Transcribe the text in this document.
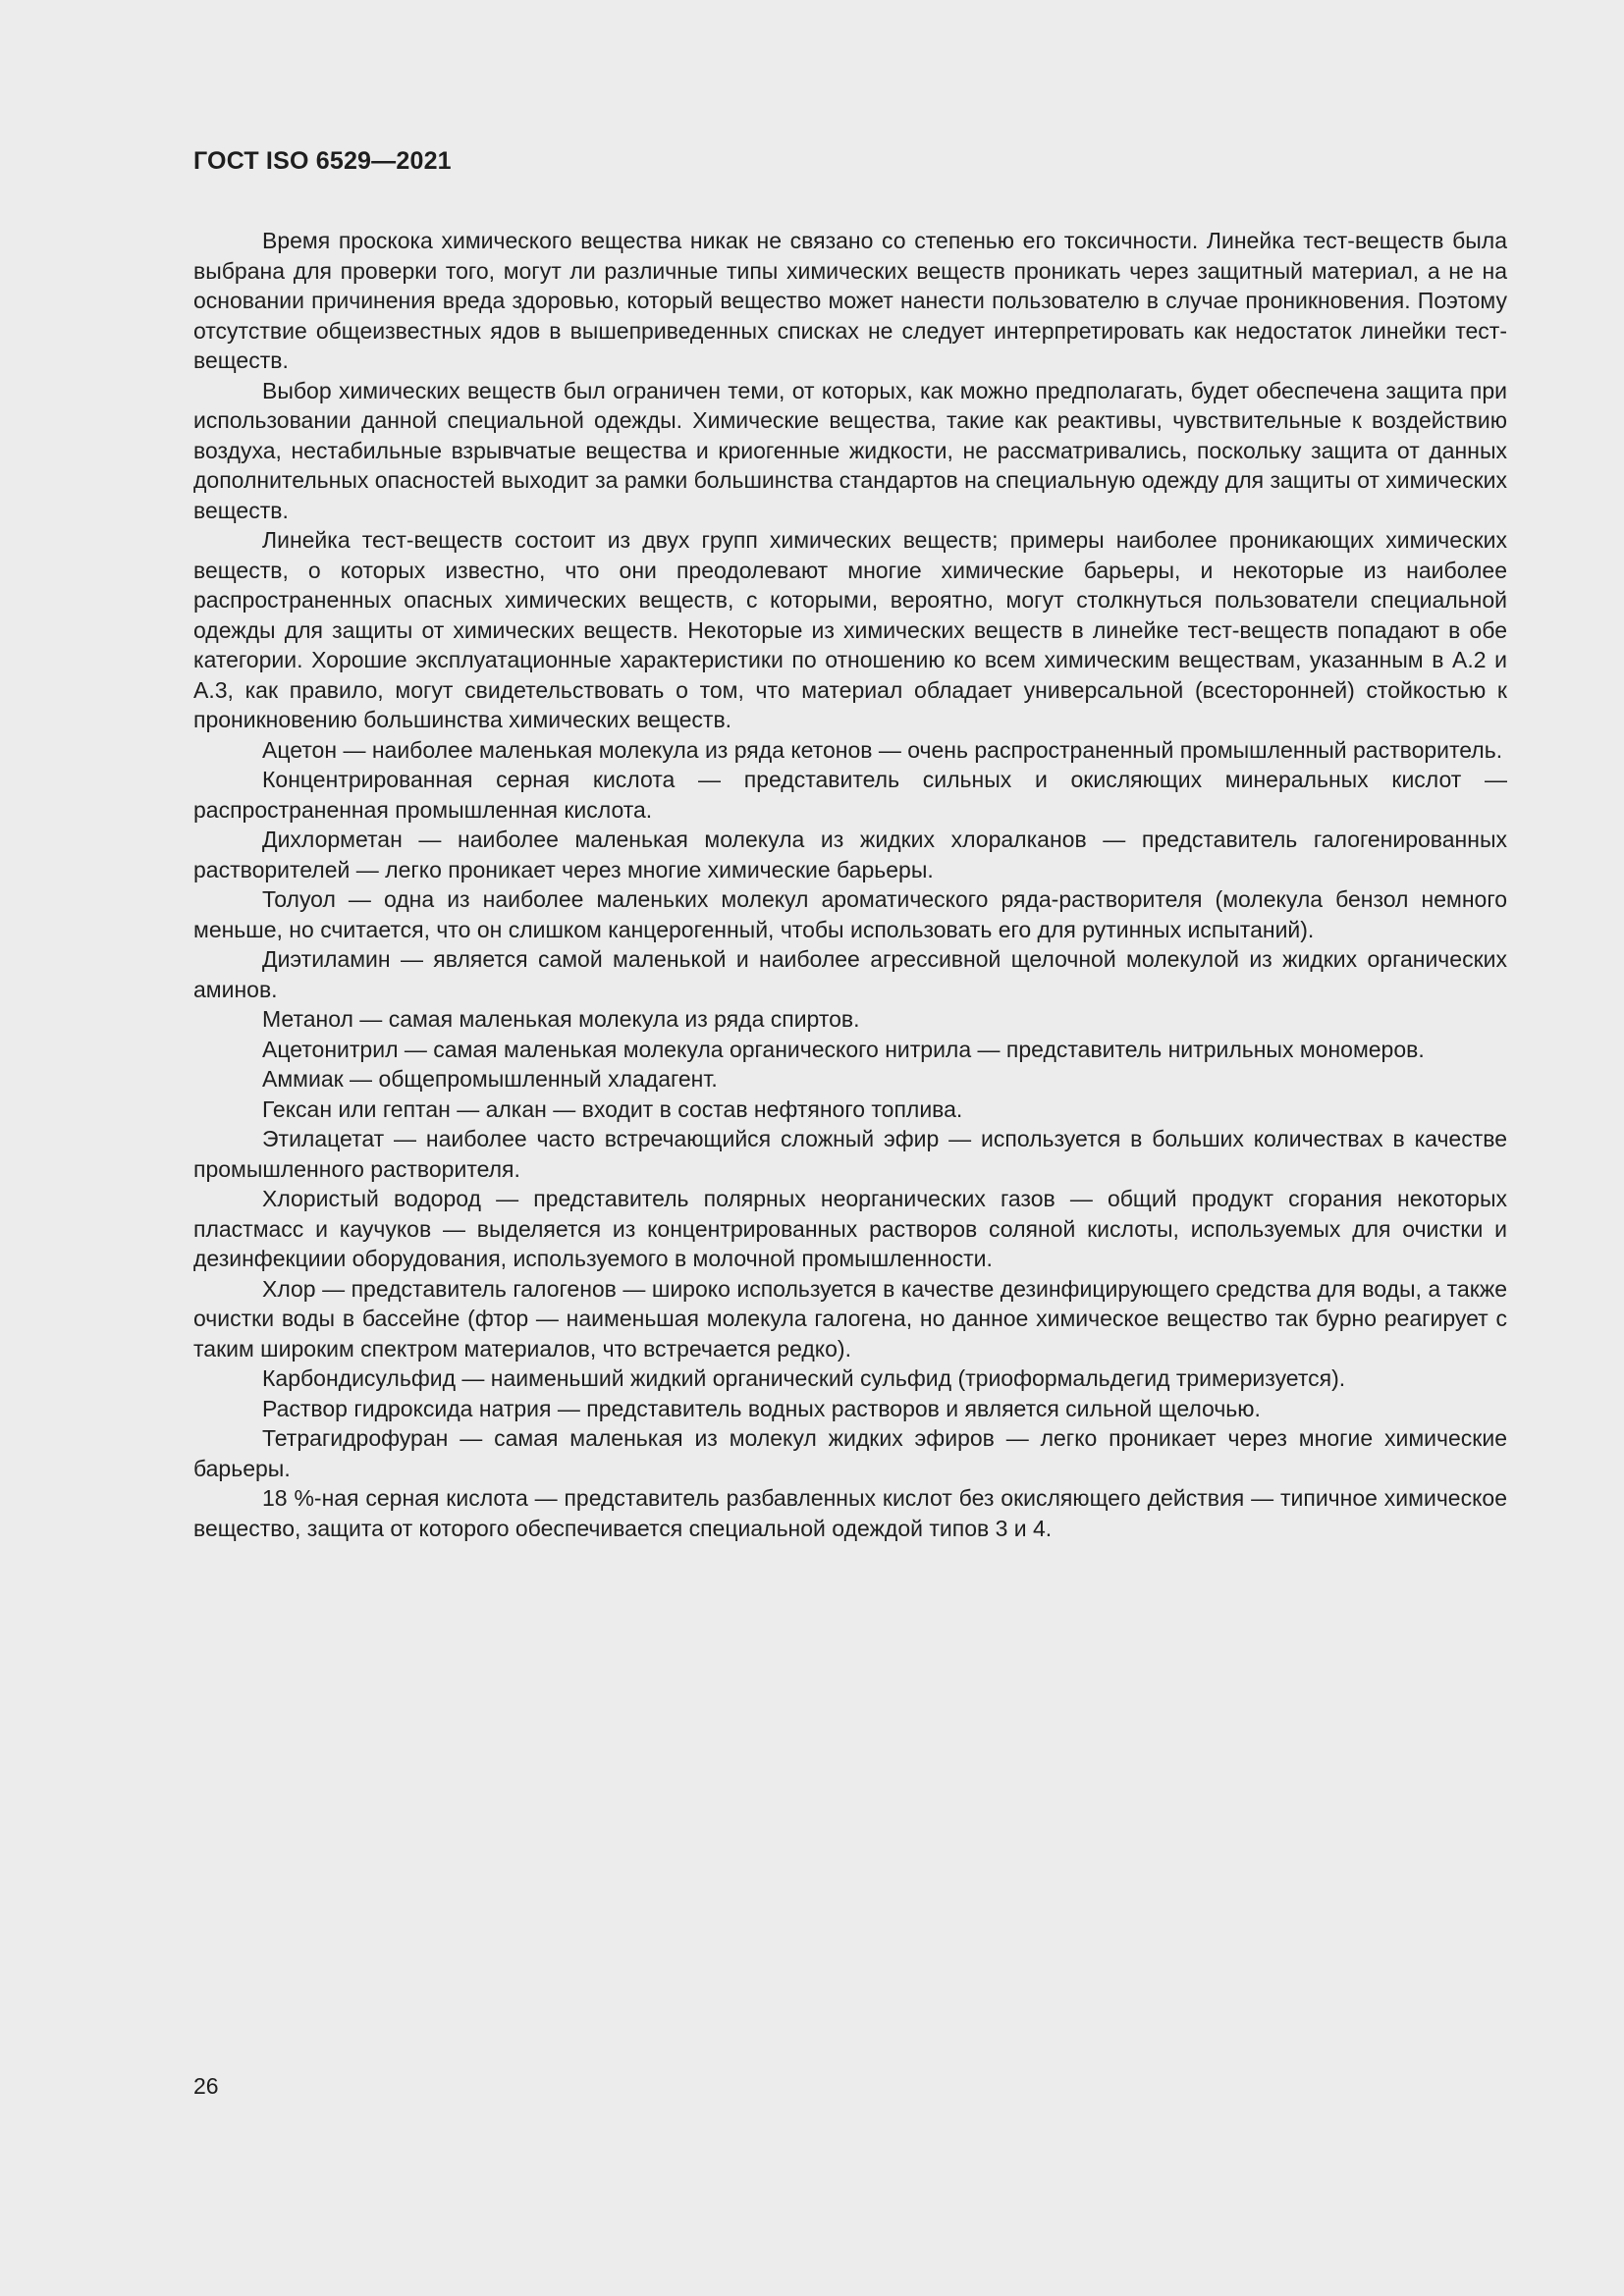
ГОСТ ISO 6529—2021

Время проскока химического вещества никак не связано со степенью его токсичности. Линейка тест-веществ была выбрана для проверки того, могут ли различные типы химических веществ проникать через защитный материал, а не на основании причинения вреда здоровью, который вещество может нанести пользователю в случае проникновения. Поэтому отсутствие общеизвестных ядов в вышеприведенных списках не следует интерпретировать как недостаток линейки тест-веществ.

Выбор химических веществ был ограничен теми, от которых, как можно предполагать, будет обеспечена защита при использовании данной специальной одежды. Химические вещества, такие как реактивы, чувствительные к воздействию воздуха, нестабильные взрывчатые вещества и криогенные жидкости, не рассматривались, поскольку защита от данных дополнительных опасностей выходит за рамки большинства стандартов на специальную одежду для защиты от химических веществ.

Линейка тест-веществ состоит из двух групп химических веществ; примеры наиболее проникающих химических веществ, о которых известно, что они преодолевают многие химические барьеры, и некоторые из наиболее распространенных опасных химических веществ, с которыми, вероятно, могут столкнуться пользователи специальной одежды для защиты от химических веществ. Некоторые из химических веществ в линейке тест-веществ попадают в обе категории. Хорошие эксплуатационные характеристики по отношению ко всем химическим веществам, указанным в А.2 и А.3, как правило, могут свидетельствовать о том, что материал обладает универсальной (всесторонней) стойкостью к проникновению большинства химических веществ.

Ацетон — наиболее маленькая молекула из ряда кетонов — очень распространенный промышленный растворитель.

Концентрированная серная кислота — представитель сильных и окисляющих минеральных кислот — распространенная промышленная кислота.

Дихлорметан — наиболее маленькая молекула из жидких хлоралканов — представитель галогенированных растворителей — легко проникает через многие химические барьеры.

Толуол — одна из наиболее маленьких молекул ароматического ряда-растворителя (молекула бензол немного меньше, но считается, что он слишком канцерогенный, чтобы использовать его для рутинных испытаний).

Диэтиламин — является самой маленькой и наиболее агрессивной щелочной молекулой из жидких органических аминов.

Метанол — самая маленькая молекула из ряда спиртов.

Ацетонитрил — самая маленькая молекула органического нитрила — представитель нитрильных мономеров.

Аммиак — общепромышленный хладагент.

Гексан или гептан — алкан — входит в состав нефтяного топлива.

Этилацетат — наиболее часто встречающийся сложный эфир — используется в больших количествах в качестве промышленного растворителя.

Хлористый водород — представитель полярных неорганических газов — общий продукт сгорания некоторых пластмасс и каучуков — выделяется из концентрированных растворов соляной кислоты, используемых для очистки и дезинфекциии оборудования, используемого в молочной промышленности.

Хлор — представитель галогенов — широко используется в качестве дезинфицирующего средства для воды, а также очистки воды в бассейне (фтор — наименьшая молекула галогена, но данное химическое вещество так бурно реагирует с таким широким спектром материалов, что встречается редко).

Карбондисульфид — наименьший жидкий органический сульфид (триоформальдегид тримеризуется).

Раствор гидроксида натрия — представитель водных растворов и является сильной щелочью.

Тетрагидрофуран — самая маленькая из молекул жидких эфиров — легко проникает через многие химические барьеры.

18 %-ная серная кислота — представитель разбавленных кислот без окисляющего действия — типичное химическое вещество, защита от которого обеспечивается специальной одеждой типов 3 и 4.

26
